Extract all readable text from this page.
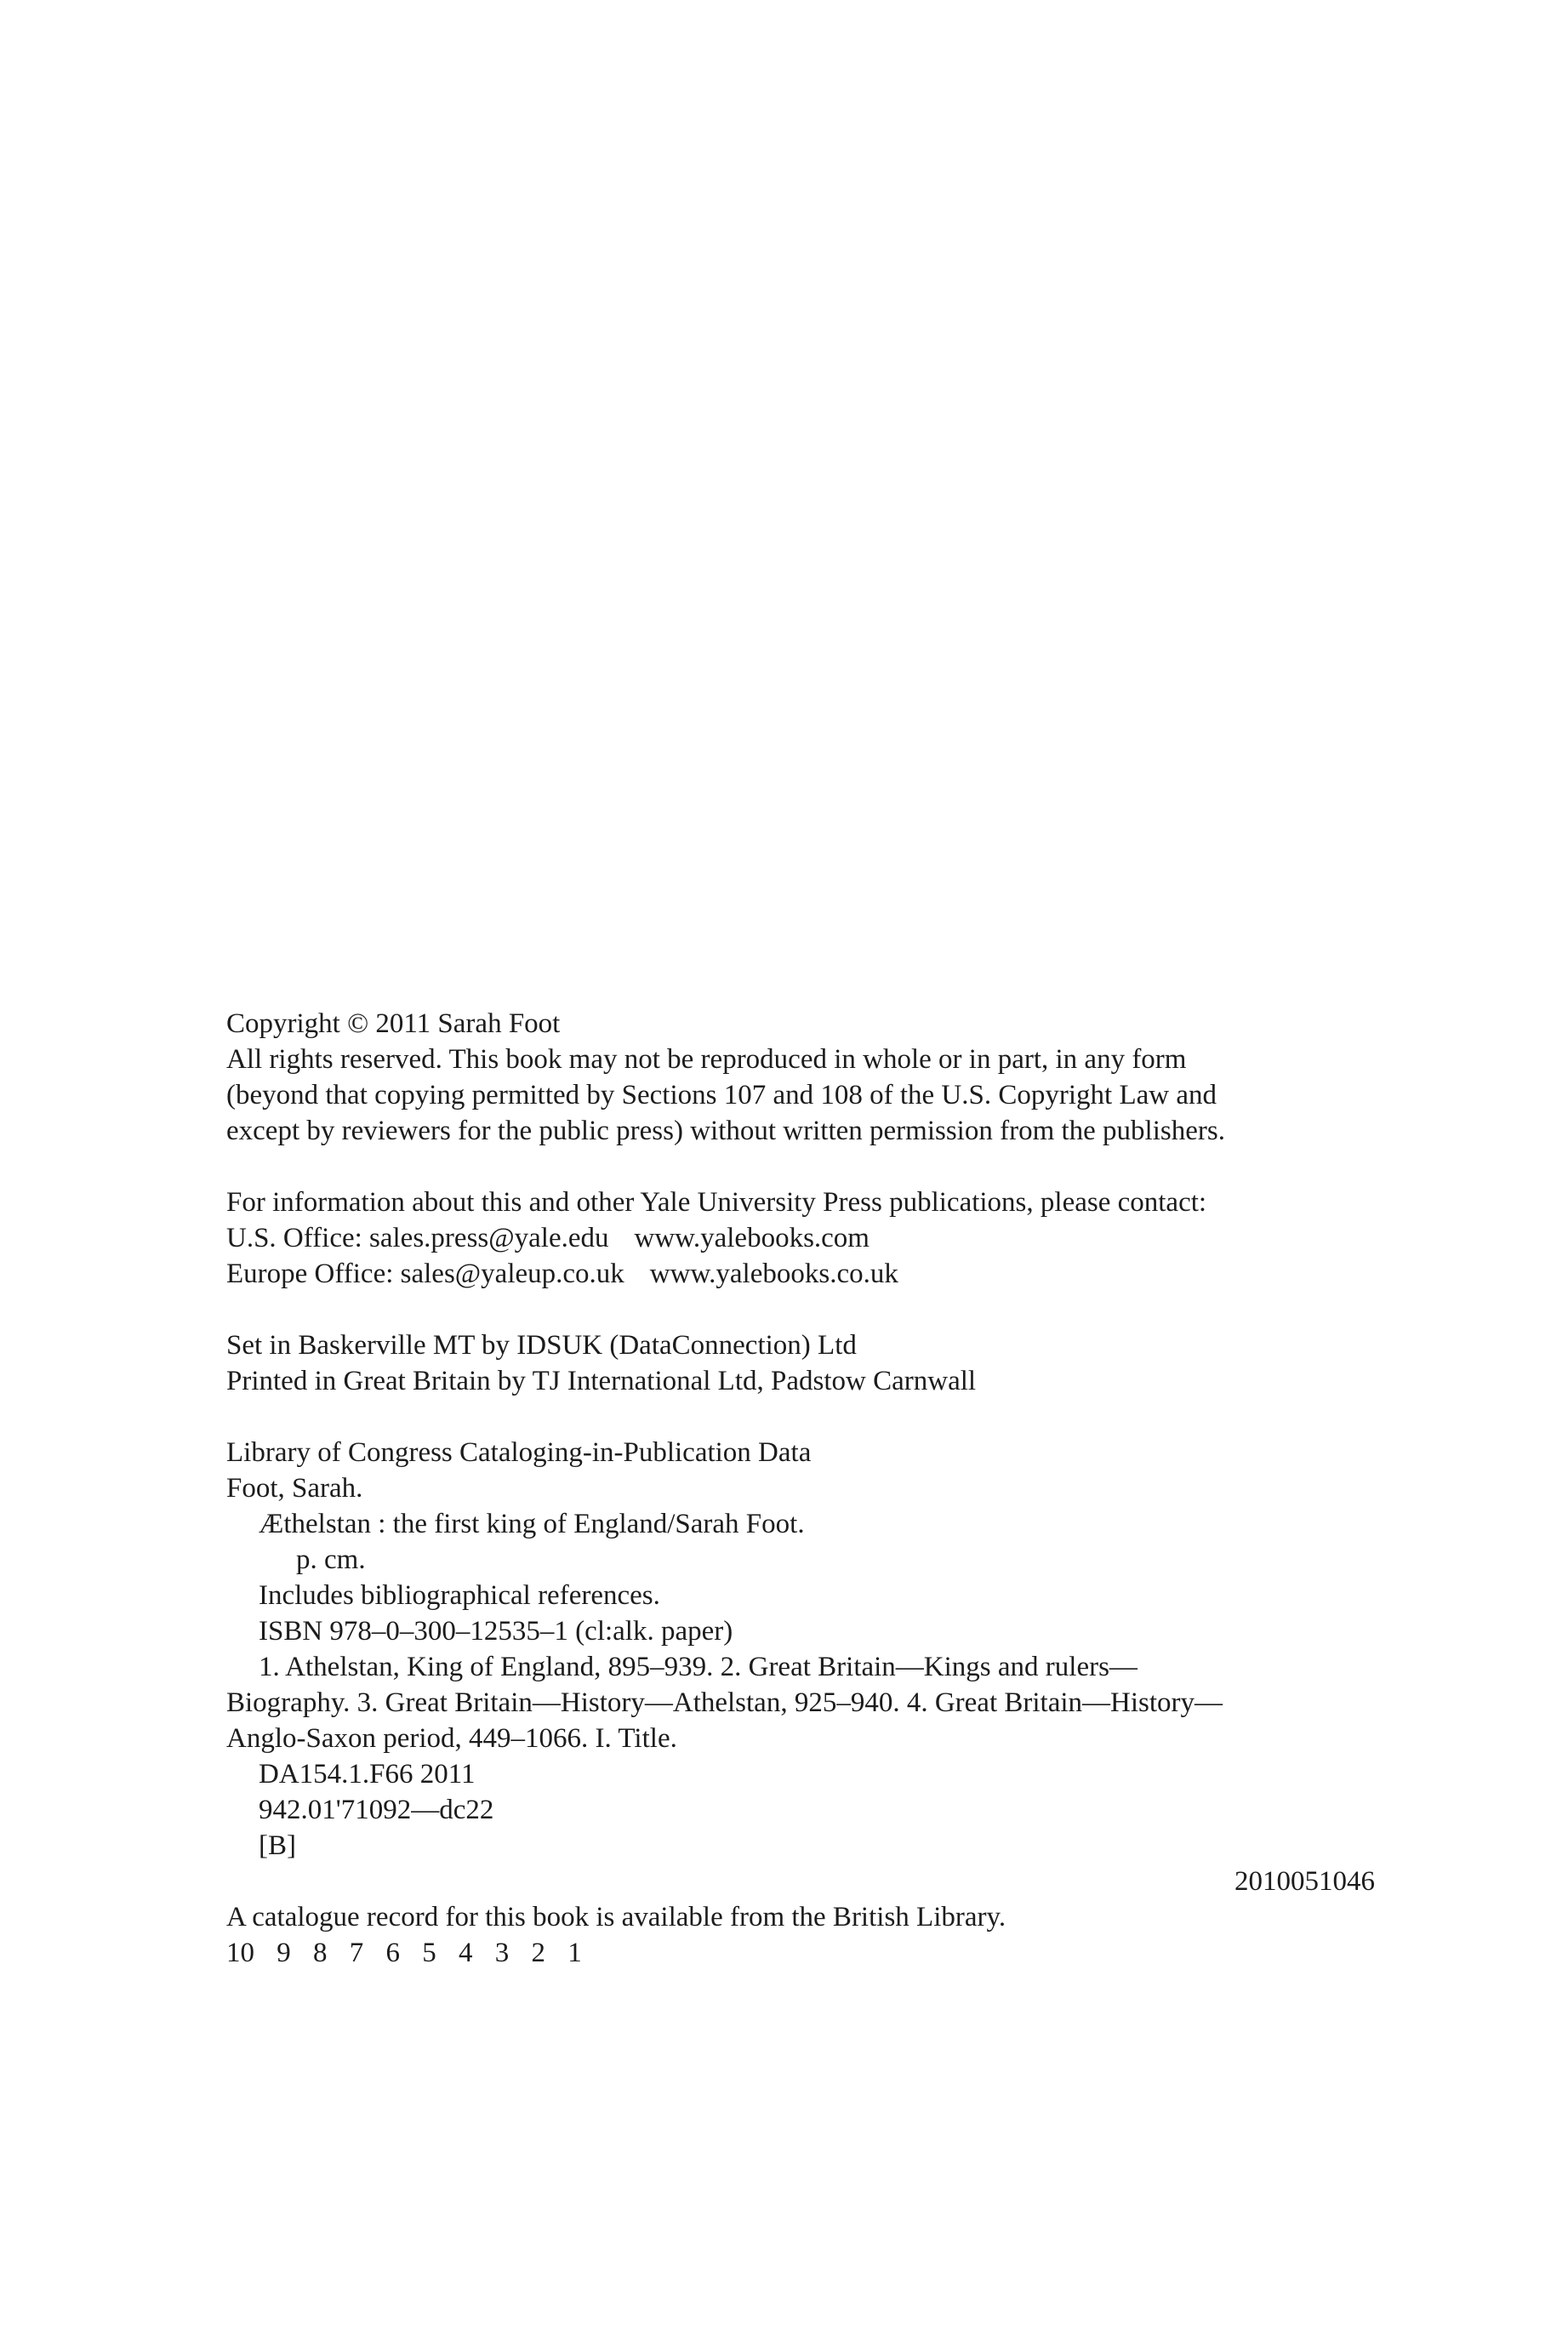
Copyright © 2011 Sarah Foot

All rights reserved. This book may not be reproduced in whole or in part, in any form

(beyond that copying permitted by Sections 107 and 108 of the U.S. Copyright Law and

except by reviewers for the public press) without written permission from the publishers.

For information about this and other Yale University Press publications, please contact:

U.S. Office: sales.press@yale.edu www.yalebooks.com

Europe Office: sales@yaleup.co.uk www.yalebooks.co.uk

Set in Baskerville MT by IDSUK (DataConnection) Ltd

Printed in Great Britain by TJ International Ltd, Padstow Carnwall

Library of Congress Cataloging-in-Publication Data

Foot, Sarah.

Æthelstan : the first king of England/Sarah Foot.

p. cm.

Includes bibliographical references.

ISBN 978–0–300–12535–1 (cl:alk. paper)

1. Athelstan, King of England, 895–939. 2. Great Britain—Kings and rulers—Biography. 3. Great Britain—History—Athelstan, 925–940. 4. Great Britain—History—Anglo-Saxon period, 449–1066. I. Title.

DA154.1.F66 2011

942.01'71092—dc22

[B]

2010051046

A catalogue record for this book is available from the British Library.

10 9 8 7 6 5 4 3 2 1
